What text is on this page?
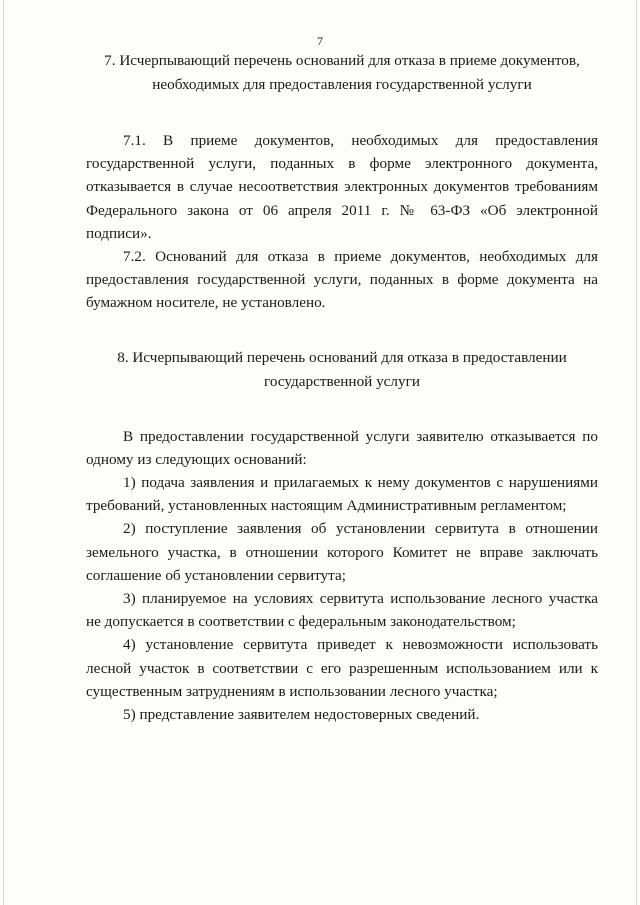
7
7. Исчерпывающий перечень оснований для отказа в приеме документов,
необходимых для предоставления государственной услуги

7.1. В приеме документов, необходимых для предоставления государственной услуги, поданных в форме электронного документа, отказывается в случае несоответствия электронных документов требованиям Федерального закона от 06 апреля 2011 г. № 63-ФЗ «Об электронной подписи».

7.2. Оснований для отказа в приеме документов, необходимых для предоставления государственной услуги, поданных в форме документа на бумажном носителе, не установлено.

8. Исчерпывающий перечень оснований для отказа в предоставлении
государственной услуги

В предоставлении государственной услуги заявителю отказывается по одному из следующих оснований:

1) подача заявления и прилагаемых к нему документов с нарушениями требований, установленных настоящим Административным регламентом;

2) поступление заявления об установлении сервитута в отношении земельного участка, в отношении которого Комитет не вправе заключать соглашение об установлении сервитута;

3) планируемое на условиях сервитута использование лесного участка не допускается в соответствии с федеральным законодательством;

4) установление сервитута приведет к невозможности использовать лесной участок в соответствии с его разрешенным использованием или к существенным затруднениям в использовании лесного участка;

5) представление заявителем недостоверных сведений.
